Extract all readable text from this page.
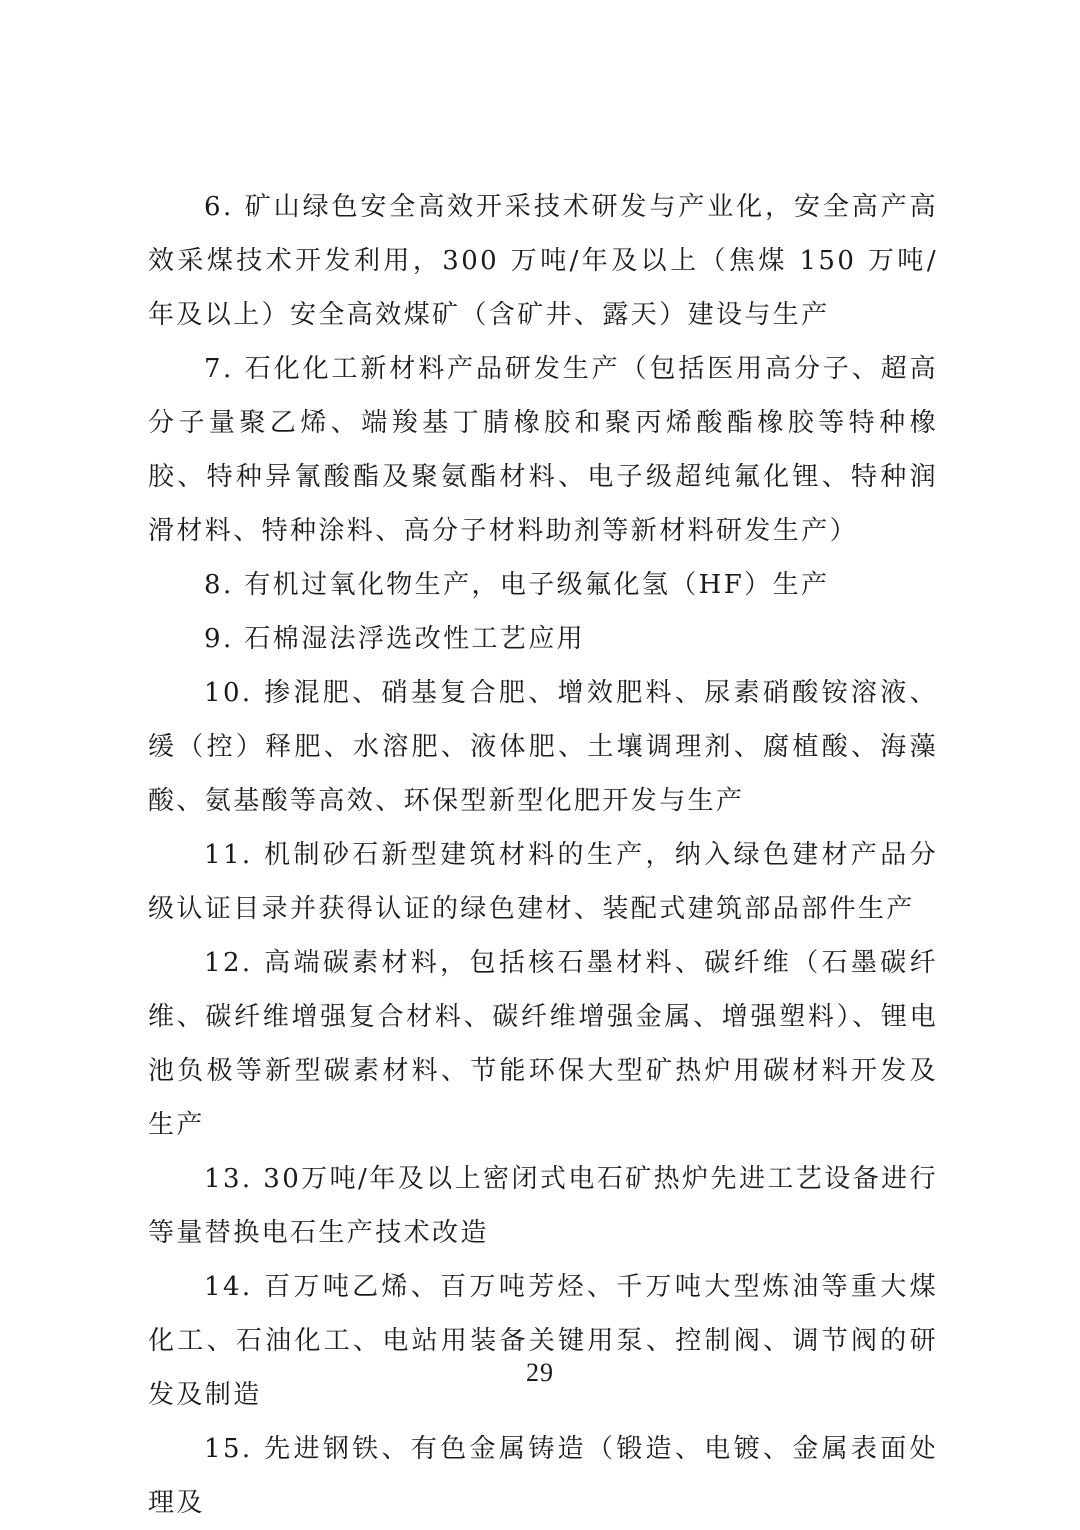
6. 矿山绿色安全高效开采技术研发与产业化，安全高产高效采煤技术开发利用，300 万吨/年及以上（焦煤 150 万吨/年及以上）安全高效煤矿（含矿井、露天）建设与生产

7. 石化化工新材料产品研发生产（包括医用高分子、超高分子量聚乙烯、端羧基丁腈橡胶和聚丙烯酸酯橡胶等特种橡胶、特种异氰酸酯及聚氨酯材料、电子级超纯氟化锂、特种润滑材料、特种涂料、高分子材料助剂等新材料研发生产）

8. 有机过氧化物生产，电子级氟化氢（HF）生产

9. 石棉湿法浮选改性工艺应用

10. 掺混肥、硝基复合肥、增效肥料、尿素硝酸铵溶液、缓（控）释肥、水溶肥、液体肥、土壤调理剂、腐植酸、海藻酸、氨基酸等高效、环保型新型化肥开发与生产

11. 机制砂石新型建筑材料的生产，纳入绿色建材产品分级认证目录并获得认证的绿色建材、装配式建筑部品部件生产

12. 高端碳素材料，包括核石墨材料、碳纤维（石墨碳纤维、碳纤维增强复合材料、碳纤维增强金属、增强塑料）、锂电池负极等新型碳素材料、节能环保大型矿热炉用碳材料开发及生产

13. 30万吨/年及以上密闭式电石矿热炉先进工艺设备进行等量替换电石生产技术改造

14. 百万吨乙烯、百万吨芳烃、千万吨大型炼油等重大煤化工、石油化工、电站用装备关键用泵、控制阀、调节阀的研发及制造

15. 先进钢铁、有色金属铸造（锻造、电镀、金属表面处理及

29
